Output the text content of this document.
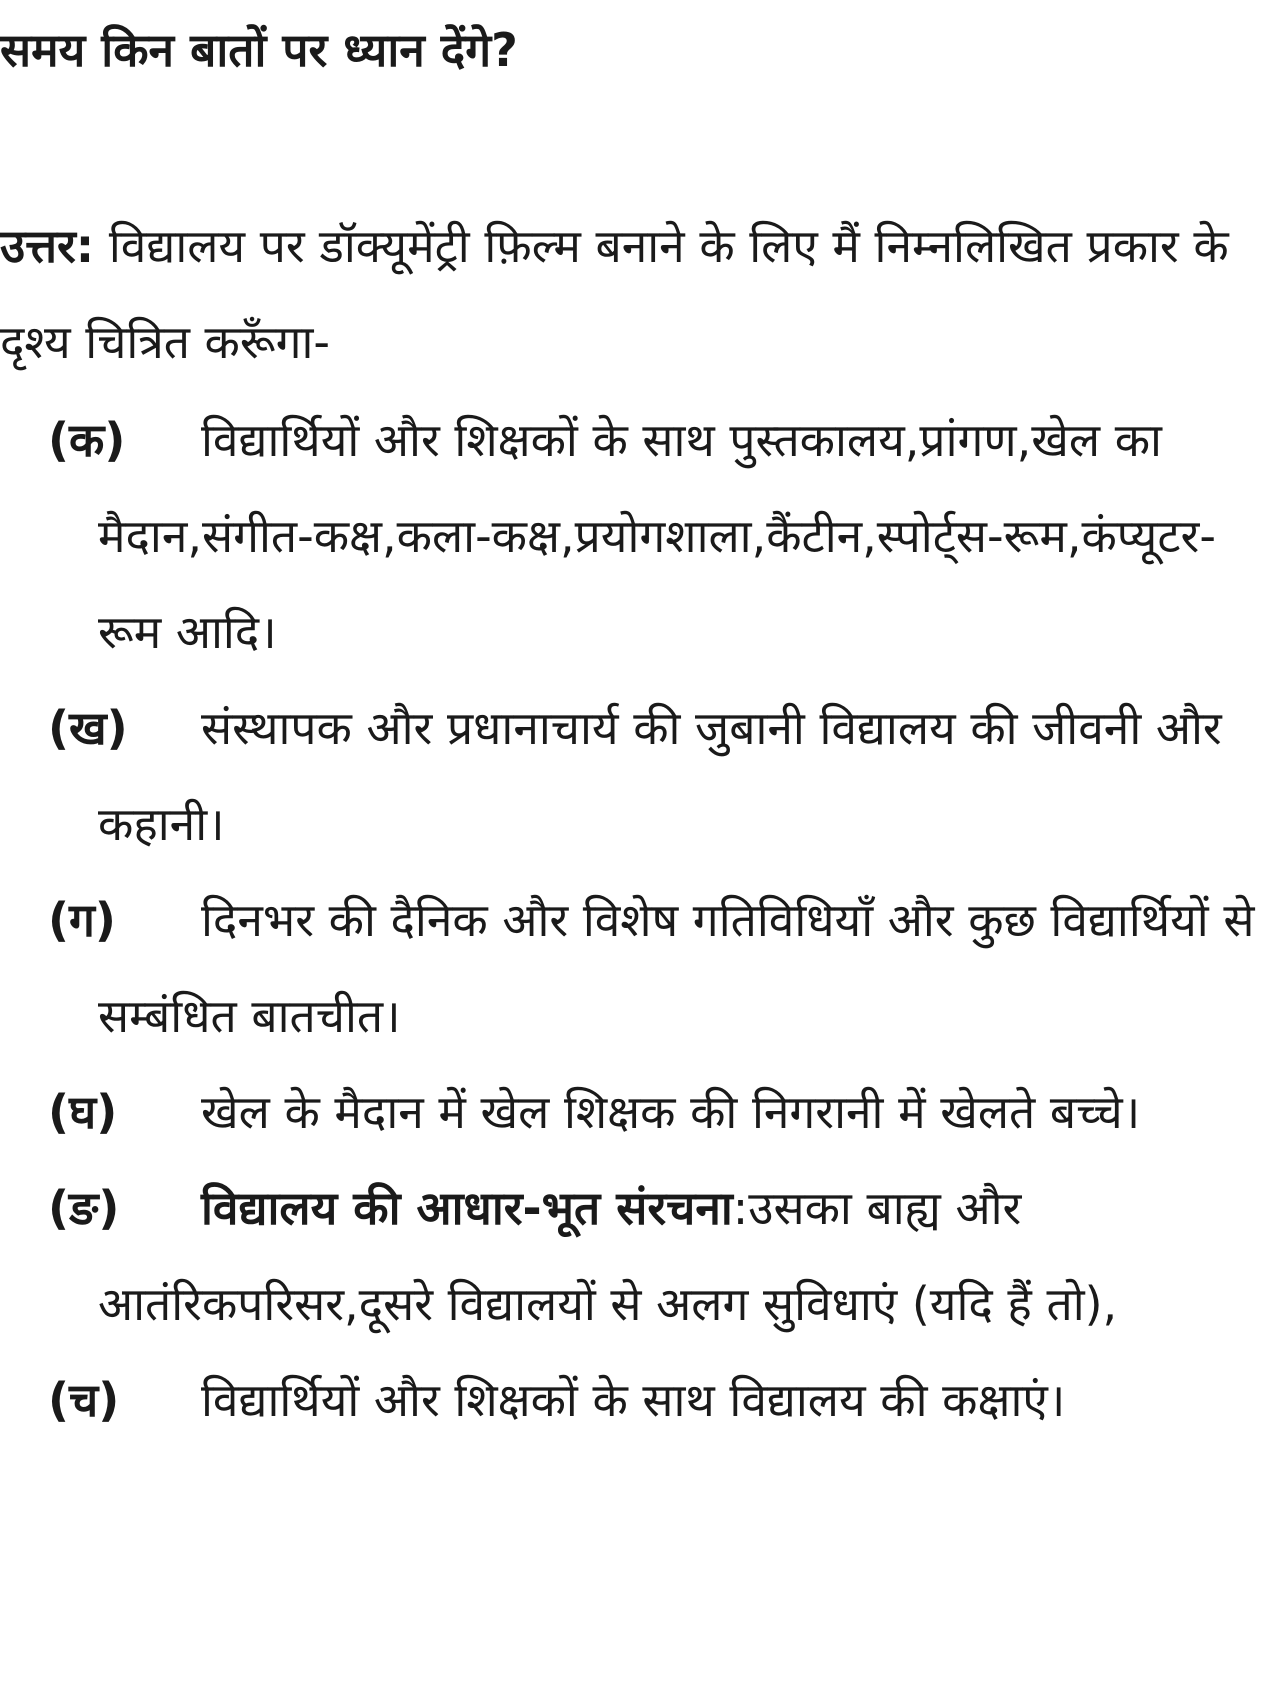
समय किन बातों पर ध्यान देंगे?

उत्तर: विद्यालय पर डॉक्यूमेंट्री फ़िल्म बनाने के लिए मैं निम्नलिखित प्रकार के दृश्य चित्रित करूँगा-

(क)	विद्यार्थियों और शिक्षकों के साथ पुस्तकालय,प्रांगण,खेल का मैदान,संगीत-कक्ष,कला-कक्ष,प्रयोगशाला,कैंटीन,स्पोर्ट्स-रूम,कंप्यूटर-रूम आदि।
(ख)	संस्थापक और प्रधानाचार्य की जुबानी विद्यालय की जीवनी और कहानी।
(ग)	दिनभर की दैनिक और विशेष गतिविधियाँ और कुछ विद्यार्थियों से सम्बंधित बातचीत।
(घ)	खेल के मैदान में खेल शिक्षक की निगरानी में खेलते बच्चे।
(ङ)	विद्यालय की आधार-भूत संरचना:उसका बाह्य और आतंरिकपरिसर,दूसरे विद्यालयों से अलग सुविधाएं (यदि हैं तो),
(च)	विद्यार्थियों और शिक्षकों के साथ विद्यालय की कक्षाएं।
